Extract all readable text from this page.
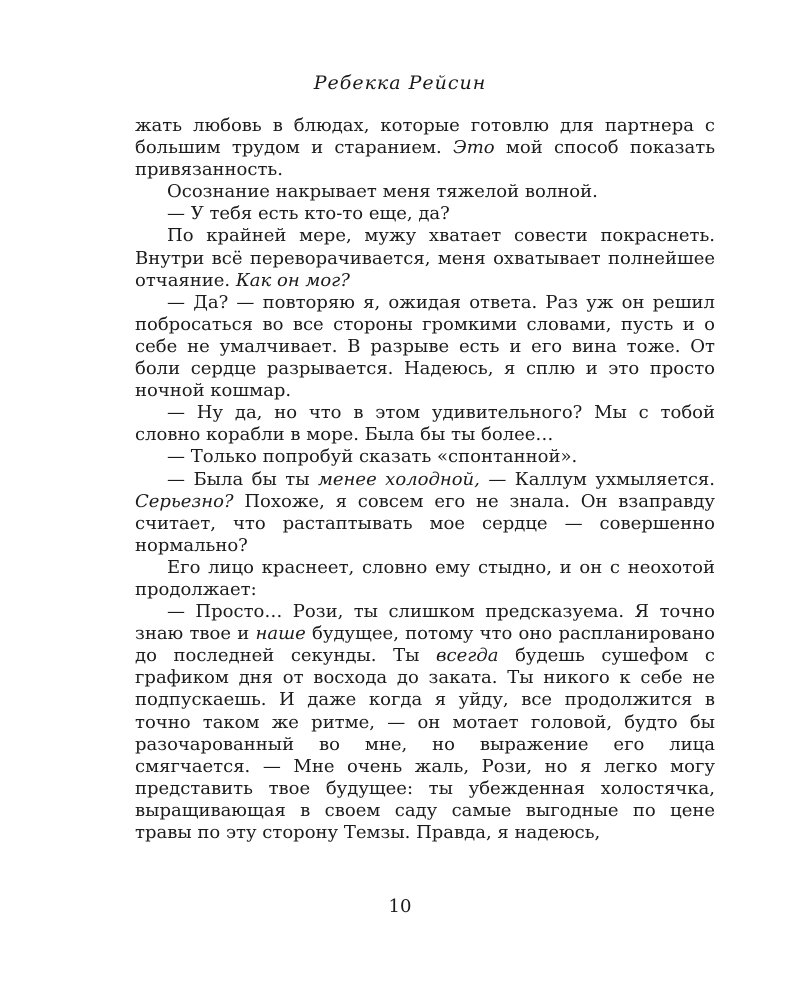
Ребекка Рейсин

жать любовь в блюдах, которые готовлю для партнера с большим трудом и старанием. Это мой способ показать привязанность.

Осознание накрывает меня тяжелой волной.

— У тебя есть кто-то еще, да?

По крайней мере, мужу хватает совести покраснеть. Внутри всё переворачивается, меня охватывает полнейшее отчаяние. Как он мог?

— Да? — повторяю я, ожидая ответа. Раз уж он решил побросаться во все стороны громкими словами, пусть и о себе не умалчивает. В разрыве есть и его вина тоже. От боли сердце разрывается. Надеюсь, я сплю и это просто ночной кошмар.

— Ну да, но что в этом удивительного? Мы с тобой словно корабли в море. Была бы ты более…

— Только попробуй сказать «спонтанной».

— Была бы ты менее холодной, — Каллум ухмыляется. Серьезно? Похоже, я совсем его не знала. Он взаправду считает, что растаптывать мое сердце — совершенно нормально?

Его лицо краснеет, словно ему стыдно, и он с неохотой продолжает:

— Просто… Рози, ты слишком предсказуема. Я точно знаю твое и наше будущее, потому что оно распланировано до последней секунды. Ты всегда будешь сушефом с графиком дня от восхода до заката. Ты никого к себе не подпускаешь. И даже когда я уйду, все продолжится в точно таком же ритме, — он мотает головой, будто бы разочарованный во мне, но выражение его лица смягчается. — Мне очень жаль, Рози, но я легко могу представить твое будущее: ты убежденная холостячка, выращивающая в своем саду самые выгодные по цене травы по эту сторону Темзы. Правда, я надеюсь,

10
